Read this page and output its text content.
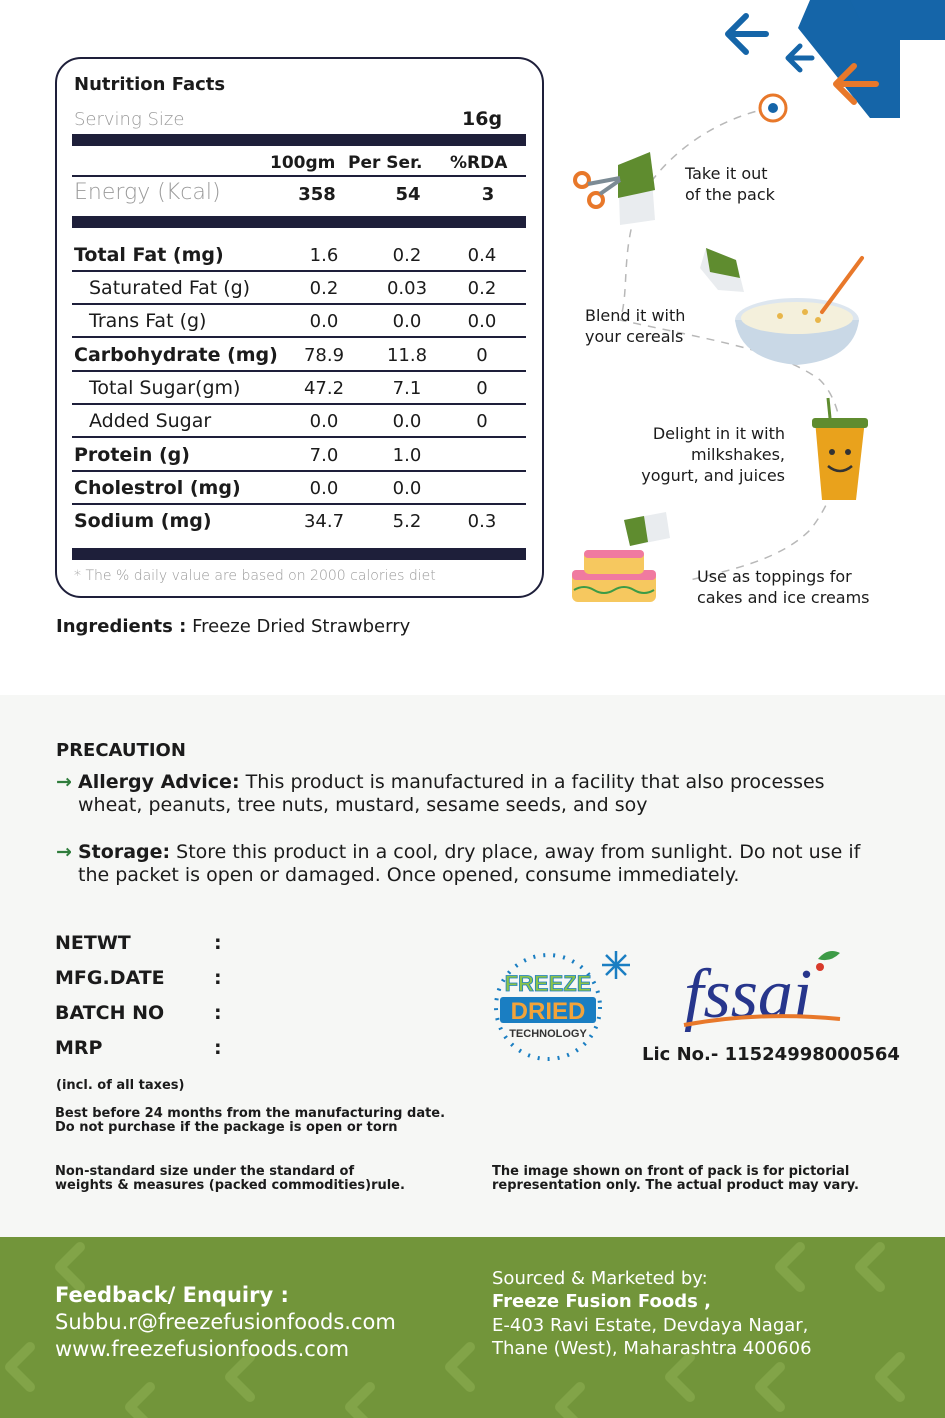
Nutrition Facts
Serving Size	16g
100gm Per Ser. %RDA
Energy (Kcal)	358	54	3
Total Fat (mg)	1.6	0.2	0.4
Saturated Fat (g)	0.2	0.03	0.2
Trans Fat (g)	0.0	0.0	0.0
Carbohydrate (mg)	78.9	11.8	0
Total Sugar(gm)	47.2	7.1	0
Added Sugar	0.0	0.0	0
Protein (g)	7.0	1.0
Cholestrol (mg)	0.0	0.0
Sodium (mg)	34.7	5.2	0.3
* The % daily value are based on 2000 calories diet
Ingredients : Freeze Dried Strawberry
Take it out
of the pack
Blend it with
your cereals
Delight in it with
milkshakes,
yogurt, and juices
Use as toppings for
cakes and ice creams
PRECAUTION
→ Allergy Advice: This product is manufactured in a facility that also processes wheat, peanuts, tree nuts, mustard, sesame seeds, and soy
→ Storage: Store this product in a cool, dry place, away from sunlight. Do not use if the packet is open or damaged. Once opened, consume immediately.
NETWT	:
MFG.DATE	:
BATCH NO	:
MRP	:
(incl. of all taxes)
Best before 24 months from the manufacturing date.
Do not purchase if the package is open or torn
Non-standard size under the standard of
weights & measures (packed commodities)rule.
The image shown on front of pack is for pictorial
representation only. The actual product may vary.
FREEZE
DRIED
TECHNOLOGY
fssai
Lic No.- 11524998000564
Feedback/ Enquiry :
Subbu.r@freezefusionfoods.com
www.freezefusionfoods.com
Sourced & Marketed by:
Freeze Fusion Foods ,
E-403 Ravi Estate, Devdaya Nagar,
Thane (West), Maharashtra 400606
